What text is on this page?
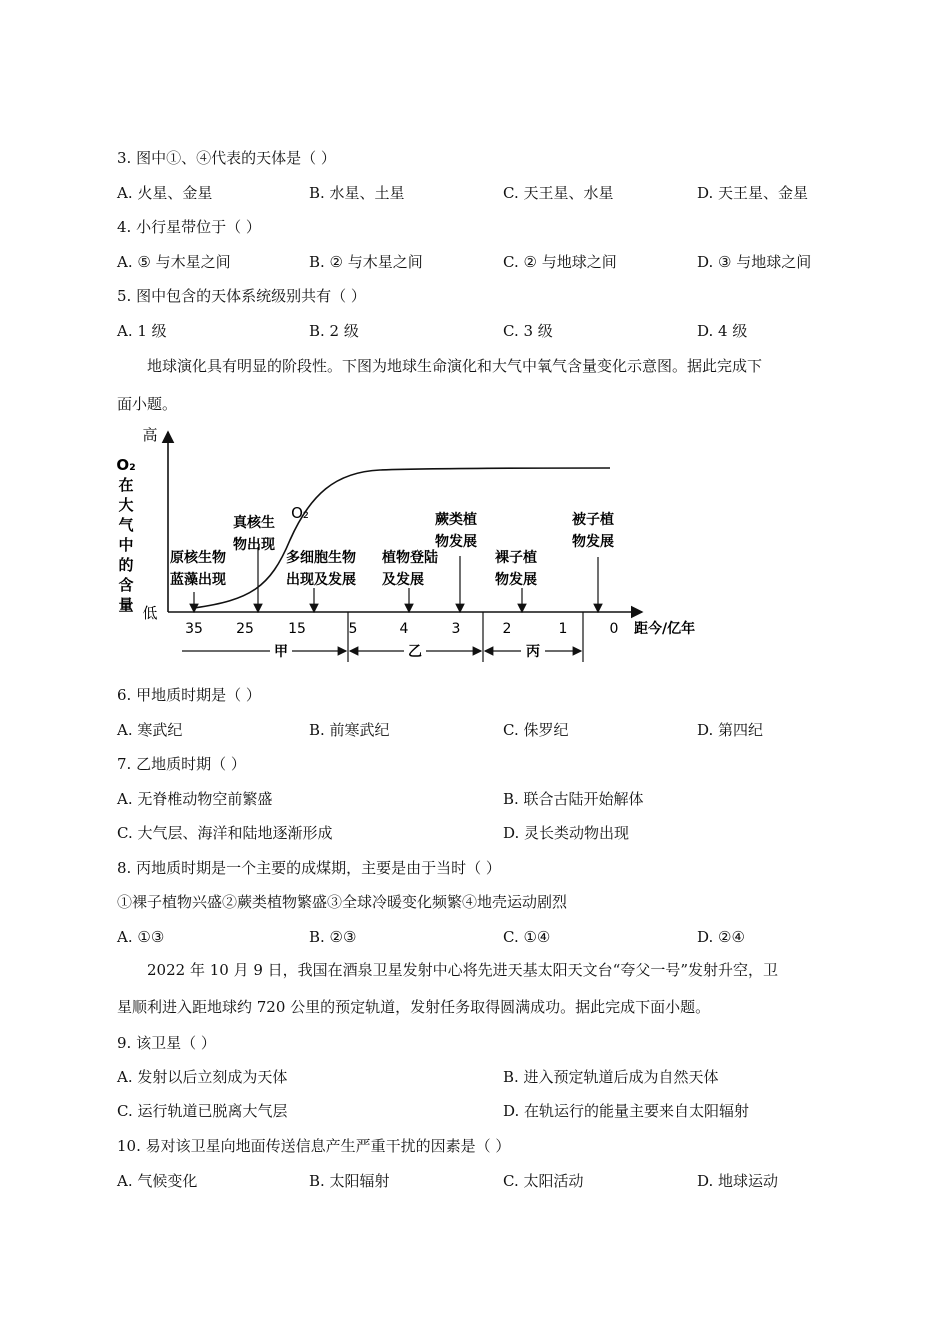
3. 图中①、④代表的天体是（ ）
A. 火星、金星	B. 水星、土星	C. 天王星、水星	D. 天王星、金星
4. 小行星带位于（ ）
A. ⑤ 与木星之间	B. ② 与木星之间	C. ② 与地球之间	D. ③ 与地球之间
5. 图中包含的天体系统级别共有（ ）
A. 1 级	B. 2 级	C. 3 级	D. 4 级
地球演化具有明显的阶段性。下图为地球生命演化和大气中氧气含量变化示意图。据此完成下
面小题。
高
低
O₂
在
大
气
中
的
含
量
O₂
原核生物
蓝藻出现
真核生
物出现
多细胞生物
出现及发展
植物登陆
及发展
蕨类植
物发展
裸子植
物发展
被子植
物发展
35 25 15	5	4	3	2	1	0 距今/亿年
甲	乙	丙
6. 甲地质时期是（ ）
A. 寒武纪	B. 前寒武纪	C. 侏罗纪	D. 第四纪
7. 乙地质时期（ ）
A. 无脊椎动物空前繁盛	B. 联合古陆开始解体
C. 大气层、海洋和陆地逐渐形成	D. 灵长类动物出现
8. 丙地质时期是一个主要的成煤期，主要是由于当时（ ）
①裸子植物兴盛②蕨类植物繁盛③全球冷暖变化频繁④地壳运动剧烈
A. ①③	B. ②③	C. ①④	D. ②④
2022 年 10 月 9 日，我国在酒泉卫星发射中心将先进天基太阳天文台“夸父一号”发射升空，卫
星顺利进入距地球约 720 公里的预定轨道，发射任务取得圆满成功。据此完成下面小题。
9. 该卫星（ ）
A. 发射以后立刻成为天体	B. 进入预定轨道后成为自然天体
C. 运行轨道已脱离大气层	D. 在轨运行的能量主要来自太阳辐射
10. 易对该卫星向地面传送信息产生严重干扰的因素是（ ）
A. 气候变化	B. 太阳辐射	C. 太阳活动	D. 地球运动
